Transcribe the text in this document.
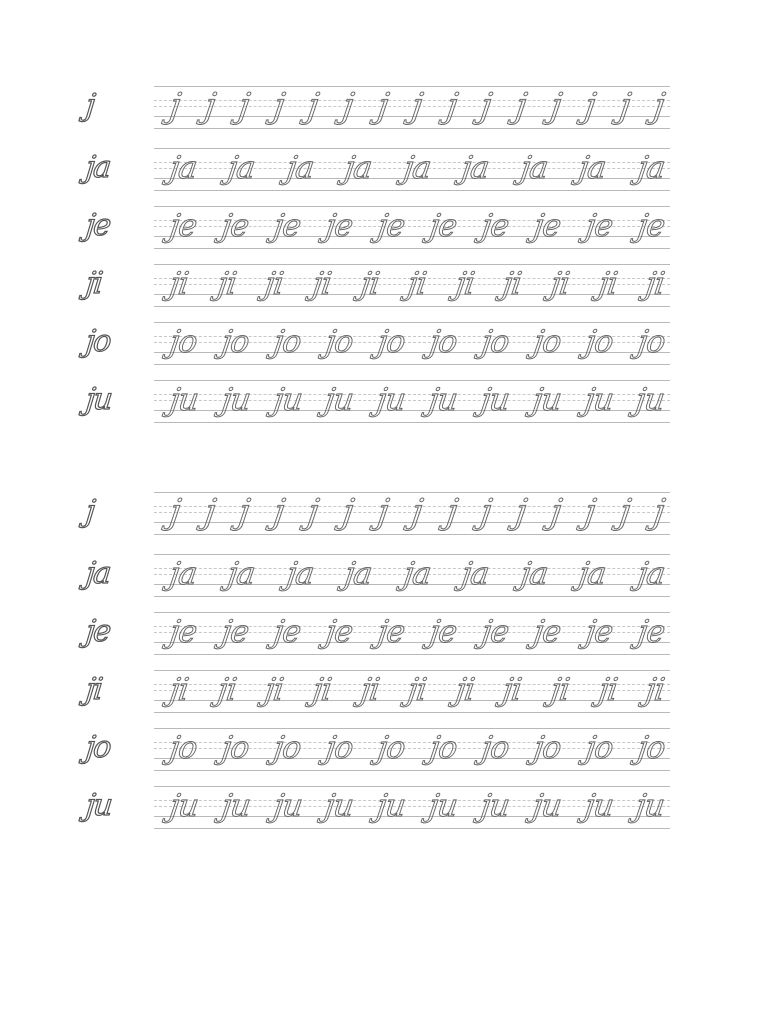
j	j j j j j j j j j j j j j j j
ja	ja ja ja ja ja ja ja ja ja
je	je je je je je je je je je je
ji	ji ji ji ji ji ji ji ji ji ji ji
jo	jo jo jo jo jo jo jo jo jo jo
ju	ju ju ju ju ju ju ju ju ju ju
j	j j j j j j j j j j j j j j j
ja	ja ja ja ja ja ja ja ja ja
je	je je je je je je je je je je
ji	ji ji ji ji ji ji ji ji ji ji ji
jo	jo jo jo jo jo jo jo jo jo jo
ju	ju ju ju ju ju ju ju ju ju ju
